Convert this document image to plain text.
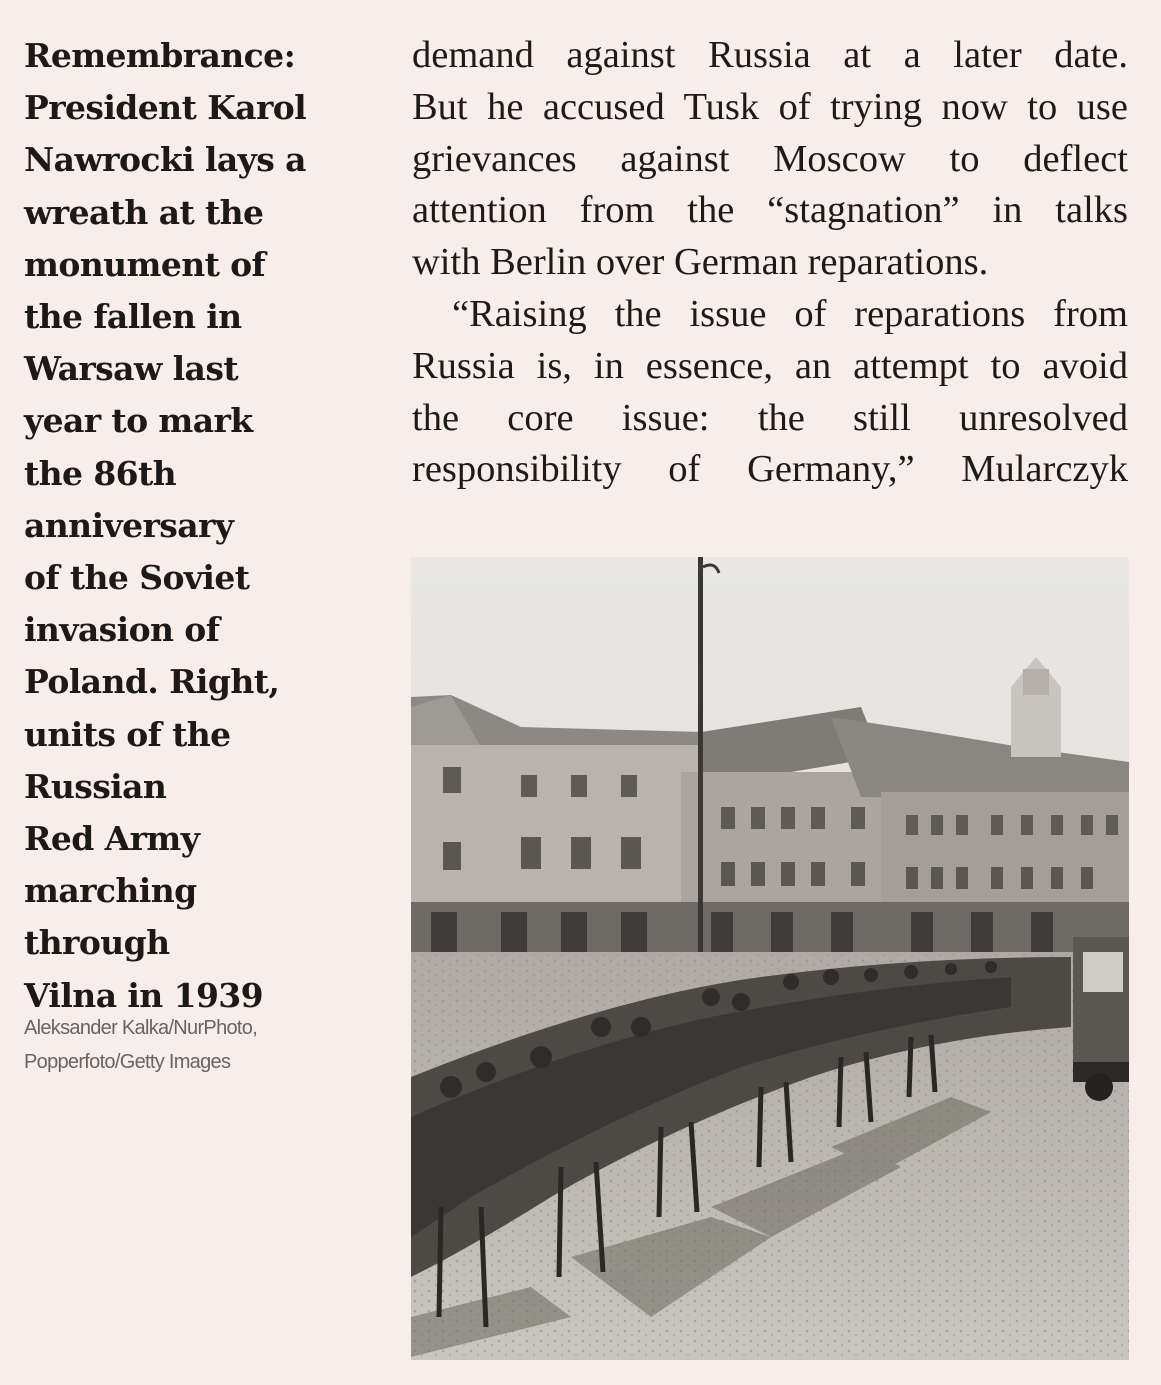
Remembrance:
President Karol
Nawrocki lays a
wreath at the
monument of
the fallen in
Warsaw last
year to mark
the 86th
anniversary
of the Soviet
invasion of
Poland. Right,
units of the
Russian
Red Army
marching
through
Vilna in 1939
Aleksander Kalka/NurPhoto,
Popperfoto/Getty Images
demand against Russia at a later date.
But he accused Tusk of trying now to use
grievances against Moscow to deflect
attention from the “stagnation” in talks
with Berlin over German reparations.
“Raising the issue of reparations from
Russia is, in essence, an attempt to avoid
the core issue: the still unresolved
responsibility of Germany,” Mularczyk
